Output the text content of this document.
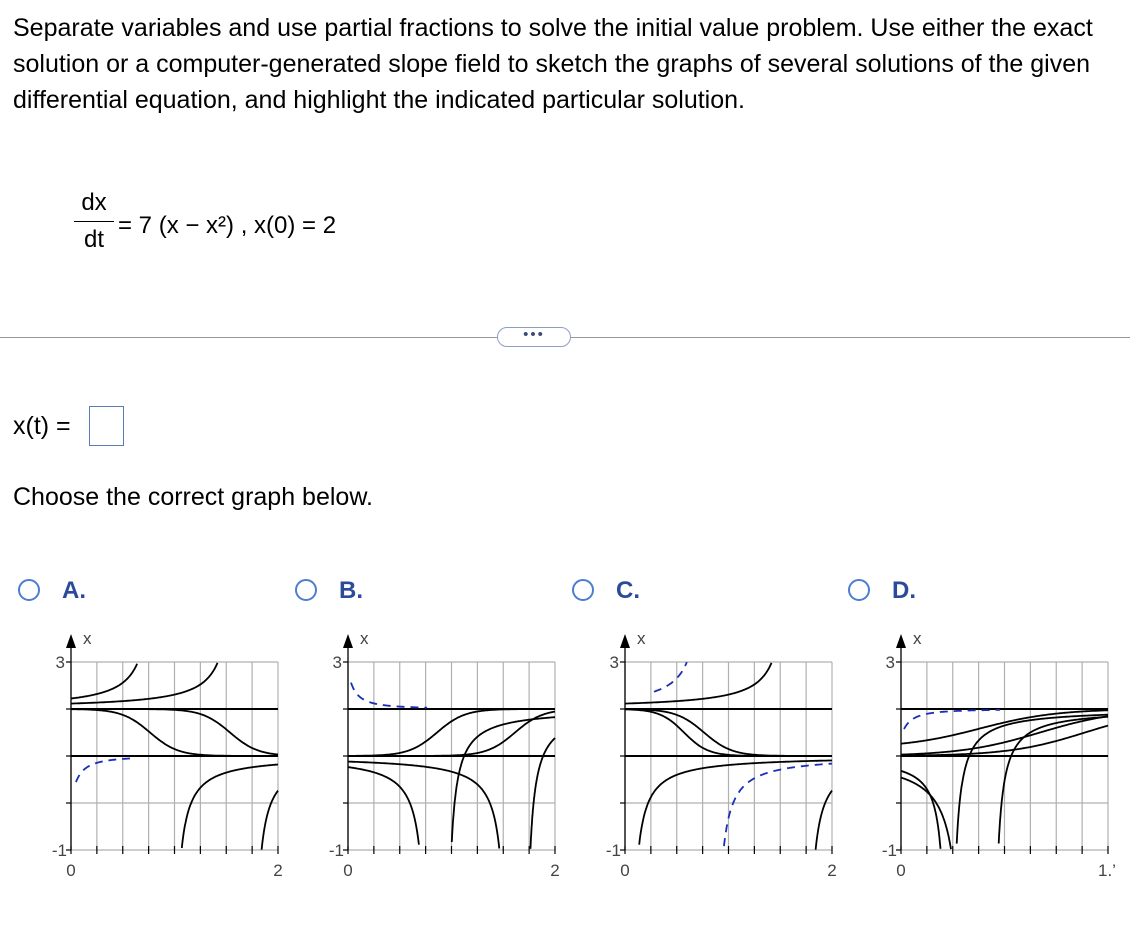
Separate variables and use partial fractions to solve the initial value problem. Use either the exact solution or a computer-generated slope field to sketch the graphs of several solutions of the given differential equation, and highlight the indicated particular solution.

dx
dt
= 7 (x − x²) , x(0) = 2
•••
x(t) =
Choose the correct graph below.
A.
x
3
-1
0	2
B.
x
3
-1
0	2
C.
x
3
-1
0	2
D.
x
3
-1
0	1.’
